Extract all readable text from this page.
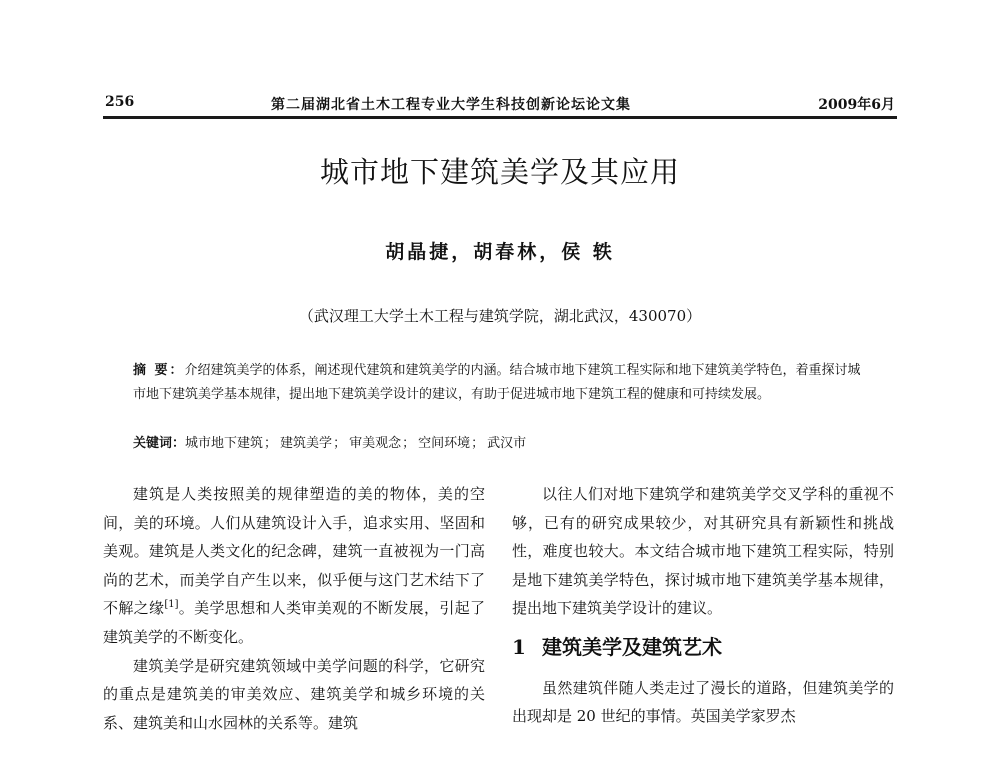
256	第二届湖北省土木工程专业大学生科技创新论坛论文集	2009年6月
城市地下建筑美学及其应用
胡晶捷，胡春林，侯 轶
（武汉理工大学土木工程与建筑学院，湖北武汉，430070）
摘 要：介绍建筑美学的体系，阐述现代建筑和建筑美学的内涵。结合城市地下建筑工程实际和地下建筑美学特色，着重探讨城市地下建筑美学基本规律，提出地下建筑美学设计的建议，有助于促进城市地下建筑工程的健康和可持续发展。
关键词：城市地下建筑； 建筑美学； 审美观念； 空间环境； 武汉市

建筑是人类按照美的规律塑造的美的物体，美的空间，美的环境。人们从建筑设计入手，追求实用、坚固和美观。建筑是人类文化的纪念碑，建筑一直被视为一门高尚的艺术，而美学自产生以来，似乎便与这门艺术结下了不解之缘[1]。美学思想和人类审美观的不断发展，引起了建筑美学的不断变化。

建筑美学是研究建筑领域中美学问题的科学，它研究的重点是建筑美的审美效应、建筑美学和城乡环境的关系、建筑美和山水园林的关系等。建筑

以往人们对地下建筑学和建筑美学交叉学科的重视不够，已有的研究成果较少，对其研究具有新颖性和挑战性，难度也较大。本文结合城市地下建筑工程实际，特别是地下建筑美学特色，探讨城市地下建筑美学基本规律，提出地下建筑美学设计的建议。

1 建筑美学及建筑艺术

虽然建筑伴随人类走过了漫长的道路，但建筑美学的出现却是 20 世纪的事情。英国美学家罗杰
